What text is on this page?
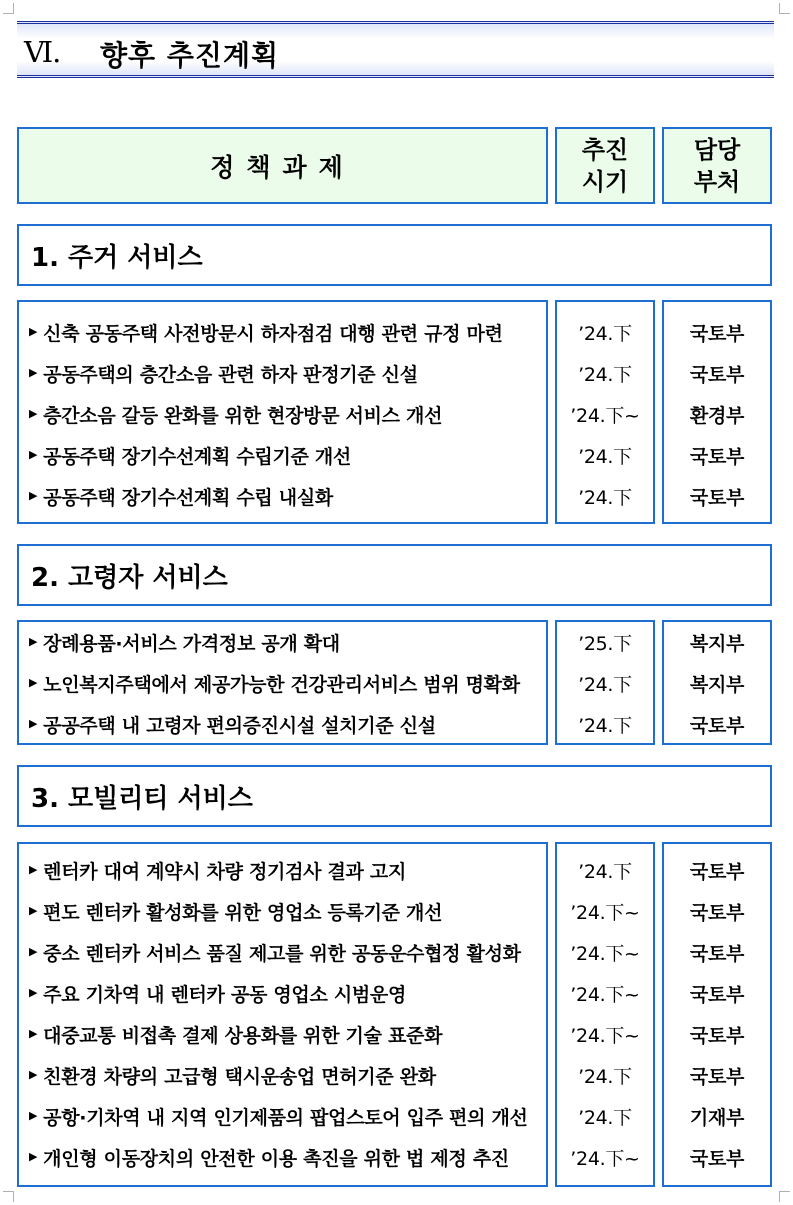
Ⅵ. 향후 추진계획
정책과제
추진
시기
담당
부처
1. 주거 서비스
▶ 신축 공동주택 사전방문시 하자점검 대행 관련 규정 마련
▶ 공동주택의 층간소음 관련 하자 판정기준 신설
▶ 층간소음 갈등 완화를 위한 현장방문 서비스 개선
▶ 공동주택 장기수선계획 수립기준 개선
▶ 공동주택 장기수선계획 수립 내실화
’24.下
’24.下
’24.下~
’24.下
’24.下
국토부
국토부
환경부
국토부
국토부
2. 고령자 서비스
▶ 장례용품·서비스 가격정보 공개 확대
▶ 노인복지주택에서 제공가능한 건강관리서비스 범위 명확화
▶ 공공주택 내 고령자 편의증진시설 설치기준 신설
’25.下
’24.下
’24.下
복지부
복지부
국토부
3. 모빌리티 서비스
▶ 렌터카 대여 계약시 차량 정기검사 결과 고지
▶ 편도 렌터카 활성화를 위한 영업소 등록기준 개선
▶ 중소 렌터카 서비스 품질 제고를 위한 공동운수협정 활성화
▶ 주요 기차역 내 렌터카 공동 영업소 시범운영
▶ 대중교통 비접촉 결제 상용화를 위한 기술 표준화
▶ 친환경 차량의 고급형 택시운송업 면허기준 완화
▶ 공항·기차역 내 지역 인기제품의 팝업스토어 입주 편의 개선
▶ 개인형 이동장치의 안전한 이용 촉진을 위한 법 제정 추진
’24.下
’24.下~
’24.下~
’24.下~
’24.下~
’24.下
’24.下
’24.下~
국토부
국토부
국토부
국토부
국토부
국토부
기재부
국토부
